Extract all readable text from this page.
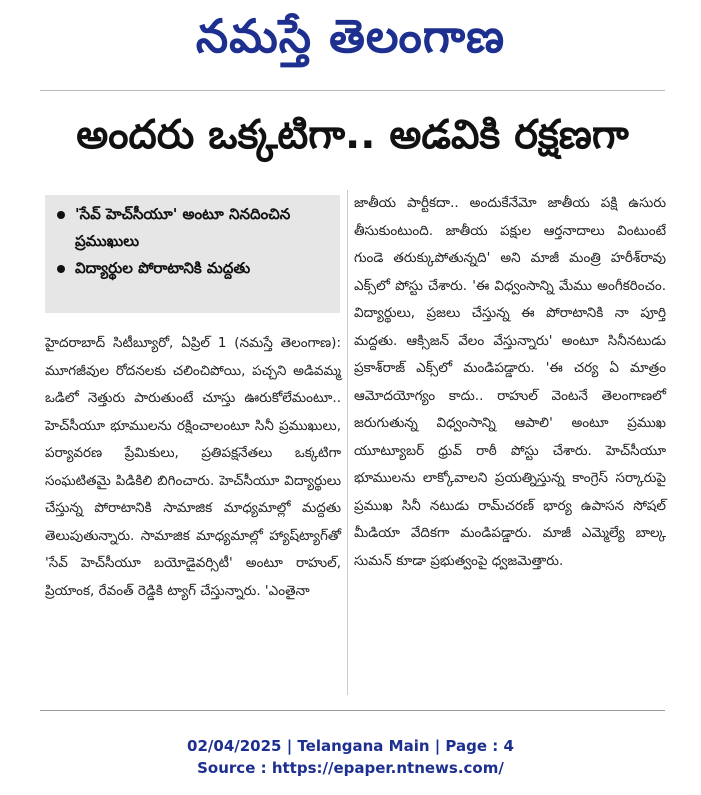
నమస్తే తెలంగాణ
అందరు ఒక్కటిగా.. అడవికి రక్షణగా
'సేవ్ హెచ్‌సీయూ' అంటూ నినదించిన ప్రముఖులు
విద్యార్థుల పోరాటానికి మద్దతు
హైదరాబాద్ సిటీబ్యూరో, ఏప్రిల్ 1 (నమస్తే తెలంగాణ): మూగజీవుల రోదనలకు చలించిపోయి, పచ్చని అడివమ్మ ఒడిలో నెత్తురు పారుతుంటే చూస్తు ఊరుకోలేమంటూ.. హెచ్‌సీయూ భూములను రక్షించాలంటూ సినీ ప్రముఖులు, పర్యావరణ ప్రేమికులు, ప్రతిపక్షనేతలు ఒక్కటిగా సంఘటితమై పిడికిలి బిగించారు. హెచ్‌సీయూ విద్యార్థులు చేస్తున్న పోరాటానికి సామాజిక మాధ్యమాల్లో మద్దతు తెలుపుతున్నారు. సామాజిక మాధ్యమాల్లో హ్యాష్‌ట్యాగ్‌తో 'సేవ్ హెచ్‌సీయూ బయోడైవర్సిటీ' అంటూ రాహుల్, ప్రియాంక, రేవంత్ రెడ్డికి ట్యాగ్ చేస్తున్నారు. 'ఎంతైనా
జాతీయ పార్టీకదా.. అందుకేనేమో జాతీయ పక్షి ఉసురు తీసుకుంటుంది. జాతీయ పక్షుల ఆర్తనాదాలు వింటుంటే గుండె తరుక్కుపోతున్నది' అని మాజీ మంత్రి హరీశ్‌రావు ఎక్స్‌లో పోస్టు చేశారు. 'ఈ విధ్వంసాన్ని మేము అంగీకరించం. విద్యార్థులు, ప్రజలు చేస్తున్న ఈ పోరాటానికి నా పూర్తి మద్దతు. ఆక్సిజన్ వేలం వేస్తున్నారు' అంటూ సినీనటుడు ప్రకాశ్‌రాజ్ ఎక్స్‌లో మండిపడ్డారు. 'ఈ చర్య ఏ మాత్రం ఆమోదయోగ్యం కాదు.. రాహుల్ వెంటనే తెలంగాణలో జరుగుతున్న విధ్వంసాన్ని ఆపాలి' అంటూ ప్రముఖ యూట్యూబర్ ధ్రువ్ రాఠీ పోస్టు చేశారు. హెచ్‌సీయూ భూములను లాక్కోవాలని ప్రయత్నిస్తున్న కాంగ్రెస్ సర్కారుపై ప్రముఖ సినీ నటుడు రామ్‌చరణ్ భార్య ఉపాసన సోషల్ మీడియా వేదికగా మండిపడ్డారు. మాజీ ఎమ్మెల్యే బాల్క సుమన్ కూడా ప్రభుత్వంపై ధ్వజమెత్తారు.
02/04/2025 | Telangana Main | Page : 4
Source : https://epaper.ntnews.com/
